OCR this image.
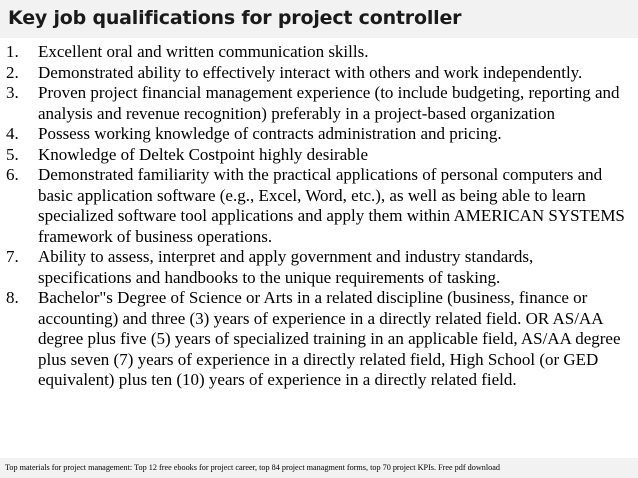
Key job qualifications for project controller
1.	Excellent oral and written communication skills.
2.	Demonstrated ability to effectively interact with others and work independently.
3.	Proven project financial management experience (to include budgeting, reporting and analysis and revenue recognition) preferably in a project-based organization
4.	Possess working knowledge of contracts administration and pricing.
5.	Knowledge of Deltek Costpoint highly desirable
6.	Demonstrated familiarity with the practical applications of personal computers and basic application software (e.g., Excel, Word, etc.), as well as being able to learn specialized software tool applications and apply them within AMERICAN SYSTEMS framework of business operations.
7.	Ability to assess, interpret and apply government and industry standards, specifications and handbooks to the unique requirements of tasking.
8.	Bachelor"s Degree of Science or Arts in a related discipline (business, finance or accounting) and three (3) years of experience in a directly related field. OR AS/AA degree plus five (5) years of specialized training in an applicable field, AS/AA degree plus seven (7) years of experience in a directly related field, High School (or GED equivalent) plus ten (10) years of experience in a directly related field.
Top materials for project management: Top 12 free ebooks for project career, top 84 project managment forms, top 70 project KPIs. Free pdf download
